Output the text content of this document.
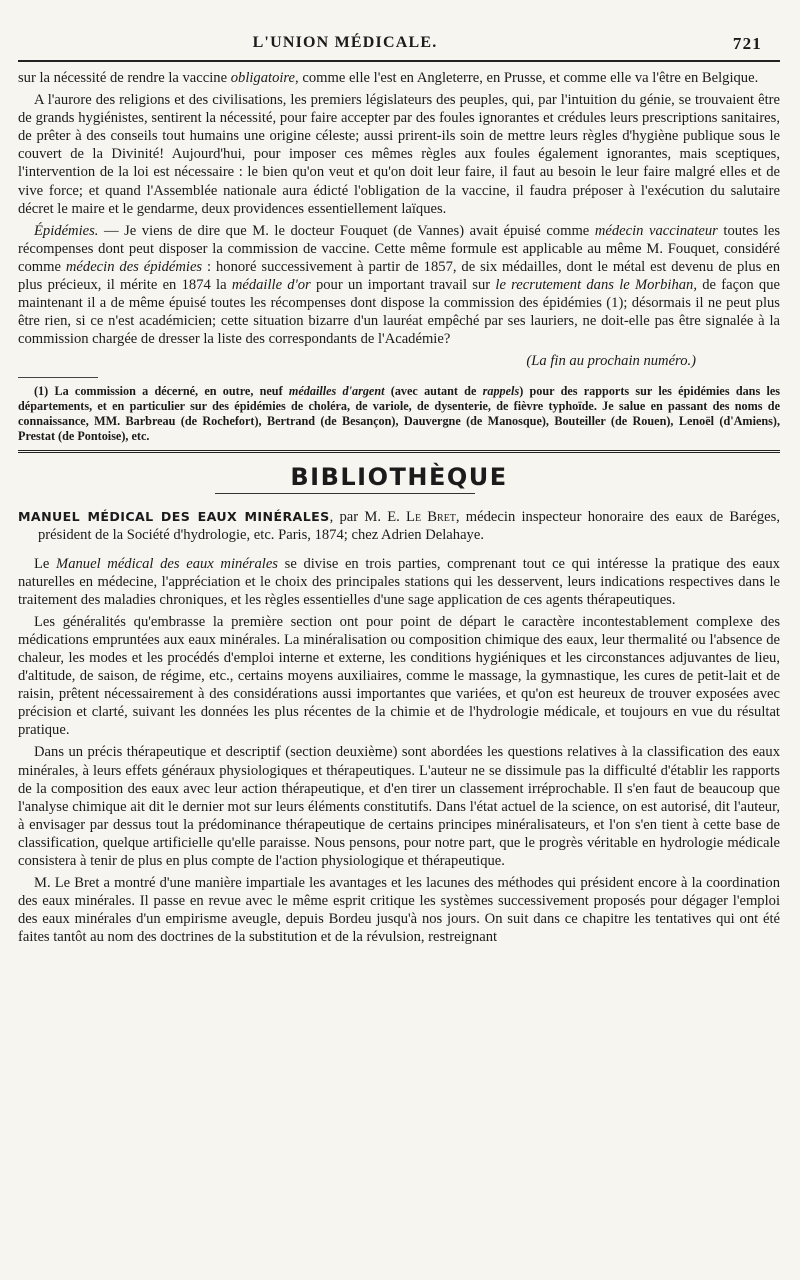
L'UNION MÉDICALE.	721

sur la nécessité de rendre la vaccine obligatoire, comme elle l'est en Angleterre, en Prusse, et comme elle va l'être en Belgique.

A l'aurore des religions et des civilisations, les premiers législateurs des peuples, qui, par l'intuition du génie, se trouvaient être de grands hygiénistes, sentirent la nécessité, pour faire accepter par des foules ignorantes et crédules leurs prescriptions sanitaires, de prêter à des conseils tout humains une origine céleste; aussi prirent-ils soin de mettre leurs règles d'hygiène publique sous le couvert de la Divinité! Aujourd'hui, pour imposer ces mêmes règles aux foules également ignorantes, mais sceptiques, l'intervention de la loi est nécessaire : le bien qu'on veut et qu'on doit leur faire, il faut au besoin le leur faire malgré elles et de vive force; et quand l'Assemblée nationale aura édicté l'obligation de la vaccine, il faudra préposer à l'exécution du salutaire décret le maire et le gendarme, deux providences essentiellement laïques.

Épidémies. — Je viens de dire que M. le docteur Fouquet (de Vannes) avait épuisé comme médecin vaccinateur toutes les récompenses dont peut disposer la commission de vaccine. Cette même formule est applicable au même M. Fouquet, considéré comme médecin des épidémies : honoré successivement à partir de 1857, de six médailles, dont le métal est devenu de plus en plus précieux, il mérite en 1874 la médaille d'or pour un important travail sur le recrutement dans le Morbihan, de façon que maintenant il a de même épuisé toutes les récompenses dont dispose la commission des épidémies (1); désormais il ne peut plus être rien, si ce n'est académicien; cette situation bizarre d'un lauréat empêché par ses lauriers, ne doit-elle pas être signalée à la commission chargée de dresser la liste des correspondants de l'Académie?

(La fin au prochain numéro.)

(1) La commission a décerné, en outre, neuf médailles d'argent (avec autant de rappels) pour des rapports sur les épidémies dans les départements, et en particulier sur des épidémies de choléra, de variole, de dysenterie, de fièvre typhoïde. Je salue en passant des noms de connaissance, MM. Barbreau (de Rochefort), Bertrand (de Besançon), Dauvergne (de Manosque), Bouteiller (de Rouen), Lenoël (d'Amiens), Prestat (de Pontoise), etc.
BIBLIOTHÈQUE
MANUEL MÉDICAL DES EAUX MINÉRALES, par M. E. Le Bret, médecin inspecteur honoraire des eaux de Baréges, président de la Société d'hydrologie, etc. Paris, 1874; chez Adrien Delahaye.

Le Manuel médical des eaux minérales se divise en trois parties, comprenant tout ce qui intéresse la pratique des eaux naturelles en médecine, l'appréciation et le choix des principales stations qui les desservent, leurs indications respectives dans le traitement des maladies chroniques, et les règles essentielles d'une sage application de ces agents thérapeutiques.

Les généralités qu'embrasse la première section ont pour point de départ le caractère incontestablement complexe des médications empruntées aux eaux minérales. La minéralisation ou composition chimique des eaux, leur thermalité ou l'absence de chaleur, les modes et les procédés d'emploi interne et externe, les conditions hygiéniques et les circonstances adjuvantes de lieu, d'altitude, de saison, de régime, etc., certains moyens auxiliaires, comme le massage, la gymnastique, les cures de petit-lait et de raisin, prêtent nécessairement à des considérations aussi importantes que variées, et qu'on est heureux de trouver exposées avec précision et clarté, suivant les données les plus récentes de la chimie et de l'hydrologie médicale, et toujours en vue du résultat pratique.

Dans un précis thérapeutique et descriptif (section deuxième) sont abordées les questions relatives à la classification des eaux minérales, à leurs effets généraux physiologiques et thérapeutiques. L'auteur ne se dissimule pas la difficulté d'établir les rapports de la composition des eaux avec leur action thérapeutique, et d'en tirer un classement irréprochable. Il s'en faut de beaucoup que l'analyse chimique ait dit le dernier mot sur leurs éléments constitutifs. Dans l'état actuel de la science, on est autorisé, dit l'auteur, à envisager par dessus tout la prédominance thérapeutique de certains principes minéralisateurs, et l'on s'en tient à cette base de classification, quelque artificielle qu'elle paraisse. Nous pensons, pour notre part, que le progrès véritable en hydrologie médicale consistera à tenir de plus en plus compte de l'action physiologique et thérapeutique.

M. Le Bret a montré d'une manière impartiale les avantages et les lacunes des méthodes qui président encore à la coordination des eaux minérales. Il passe en revue avec le même esprit critique les systèmes successivement proposés pour dégager l'emploi des eaux minérales d'un empirisme aveugle, depuis Bordeu jusqu'à nos jours. On suit dans ce chapitre les tentatives qui ont été faites tantôt au nom des doctrines de la substitution et de la révulsion, restreignant
